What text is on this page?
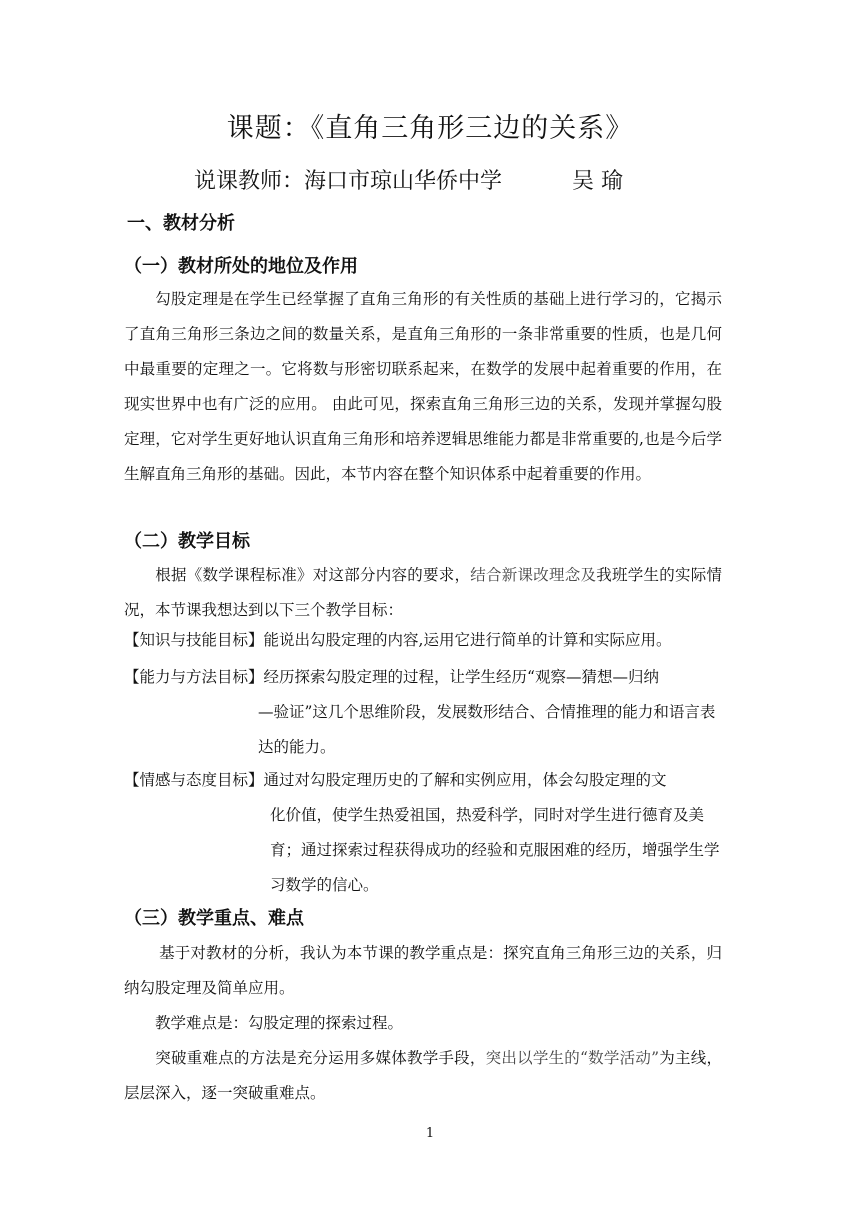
课题：《直角三角形三边的关系》
说课教师：海口市琼山华侨中学	吴 瑜
一、教材分析
（一）教材所处的地位及作用
勾股定理是在学生已经掌握了直角三角形的有关性质的基础上进行学习的，它揭示了直角三角形三条边之间的数量关系，是直角三角形的一条非常重要的性质，也是几何中最重要的定理之一。它将数与形密切联系起来，在数学的发展中起着重要的作用，在现实世界中也有广泛的应用。 由此可见，探索直角三角形三边的关系，发现并掌握勾股定理，它对学生更好地认识直角三角形和培养逻辑思维能力都是非常重要的,也是今后学生解直角三角形的基础。因此，本节内容在整个知识体系中起着重要的作用。
（二）教学目标
根据《数学课程标准》对这部分内容的要求，结合新课改理念及我班学生的实际情况，本节课我想达到以下三个教学目标：
【知识与技能目标】能说出勾股定理的内容,运用它进行简单的计算和实际应用。
【能力与方法目标】经历探索勾股定理的过程，让学生经历“观察—猜想—归纳
—验证”这几个思维阶段，发展数形结合、合情推理的能力和语言表达的能力。
【情感与态度目标】通过对勾股定理历史的了解和实例应用，体会勾股定理的文
化价值，使学生热爱祖国，热爱科学，同时对学生进行德育及美育；通过探索过程获得成功的经验和克服困难的经历，增强学生学习数学的信心。
（三）教学重点、难点
基于对教材的分析，我认为本节课的教学重点是：探究直角三角形三边的关系，归纳勾股定理及简单应用。
教学难点是：勾股定理的探索过程。
突破重难点的方法是充分运用多媒体教学手段，突出以学生的“数学活动”为主线，层层深入，逐一突破重难点。
1
